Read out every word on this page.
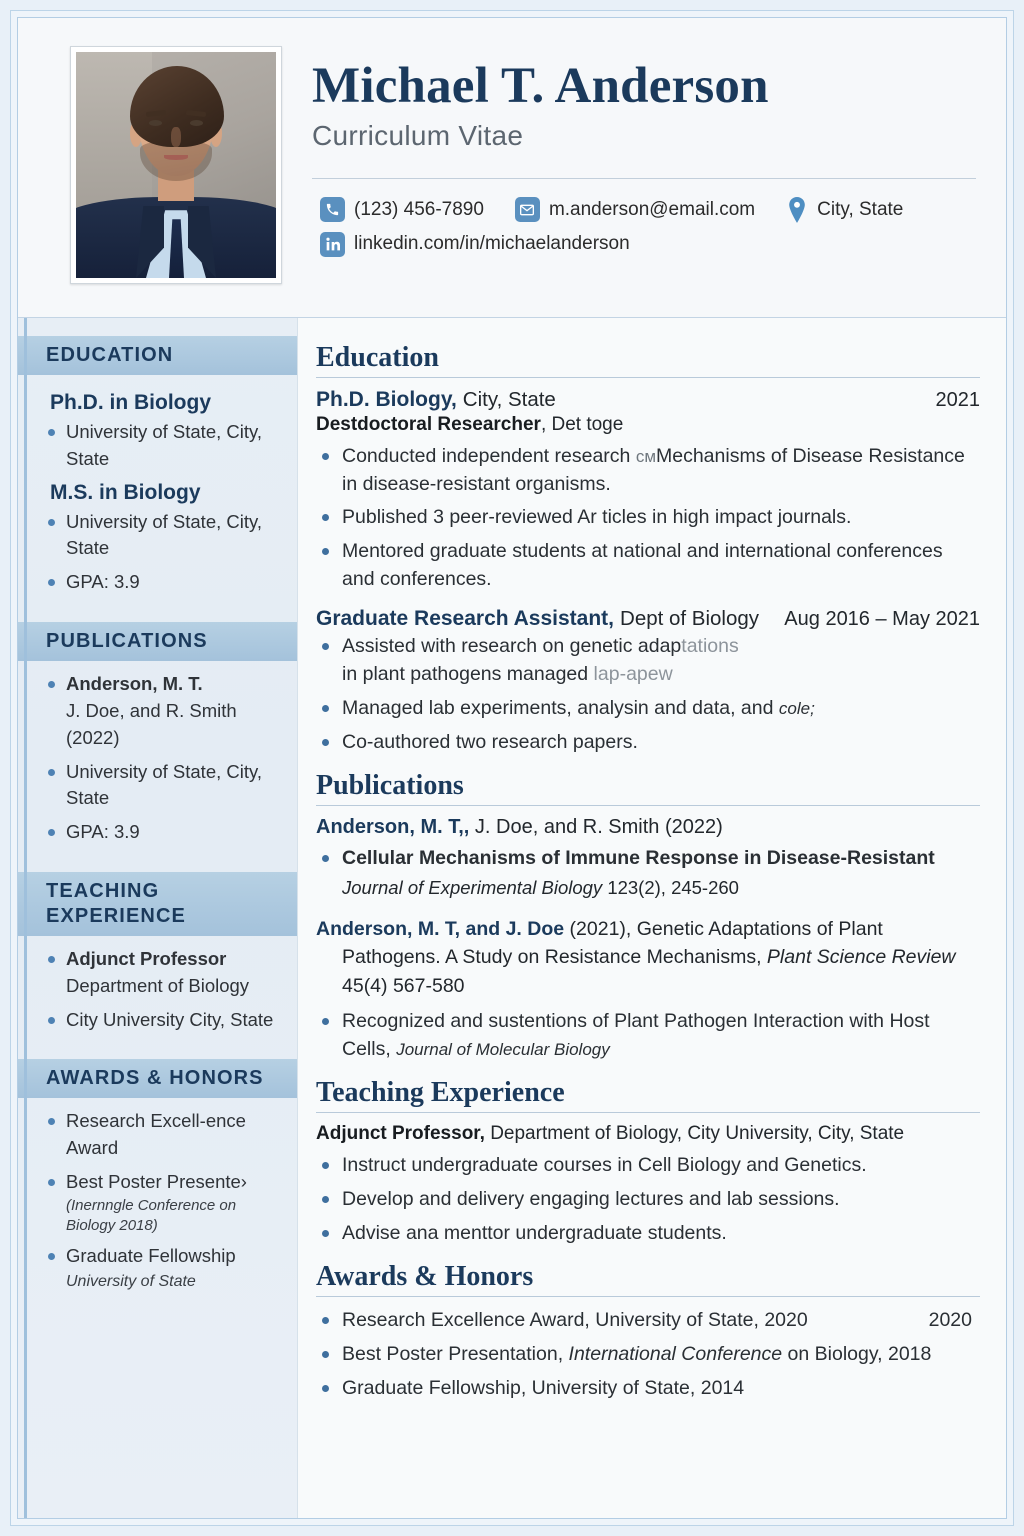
Michael T. Anderson
Curriculum Vitae
(123) 456-7890	m.anderson@email.com	City, State
linkedin.com/in/michaelanderson
EDUCATION
Ph.D. in Biology
University of State, City, State
M.S. in Biology
University of State, City, State
GPA: 3.9
PUBLICATIONS
Anderson, M. T.
J. Doe, and R. Smith (2022)
University of State, City, State
GPA: 3.9
TEACHING EXPERIENCE
Adjunct Professor
Department of Biology
City University City, State
AWARDS & HONORS
Research Excell-ence Award
Best Poster Presente›
(Inernngle Conference on Biology 2018)
Graduate Fellowship
University of State
Education
Ph.D. Biology, City, State	2021
Destdoctoral Researcher, Det toge
Conducted independent research ᴄᴍMechanisms of Disease Resistance in disease-resistant organisms.
Published 3 peer-reviewed Ar ticles in high impact journals.
Mentored graduate students at national and international conferences and conferences.
Graduate Research Assistant, Dept of Biology Aug 2016 – May 2021
Assisted with research on genetic adaptations
in plant pathogens managed lap-apew
Managed lab experiments, analysin and data, and cole;
Co-authored two research papers.
Publications
Anderson, M. T,, J. Doe, and R. Smith (2022)
Cellular Mechanisms of Immune Response in Disease-Resistant
Journal of Experimental Biology 123(2), 245-260
Anderson, M. T, and J. Doe (2021), Genetic Adaptations of Plant
Pathogens. A Study on Resistance Mechanisms, Plant Science Review
45(4) 567-580
Recognized and sustentions of Plant Pathogen Interaction with Host Cells, Journal of Molecular Biology
Teaching Experience
Adjunct Professor, Department of Biology, City University, City, State
Instruct undergraduate courses in Cell Biology and Genetics.
Develop and delivery engaging lectures and lab sessions.
Advise ana menttor undergraduate students.
Awards & Honors
Research Excellence Award, University of State, 2020	2020
Best Poster Presentation, International Conference on Biology, 2018
Graduate Fellowship, University of State, 2014
